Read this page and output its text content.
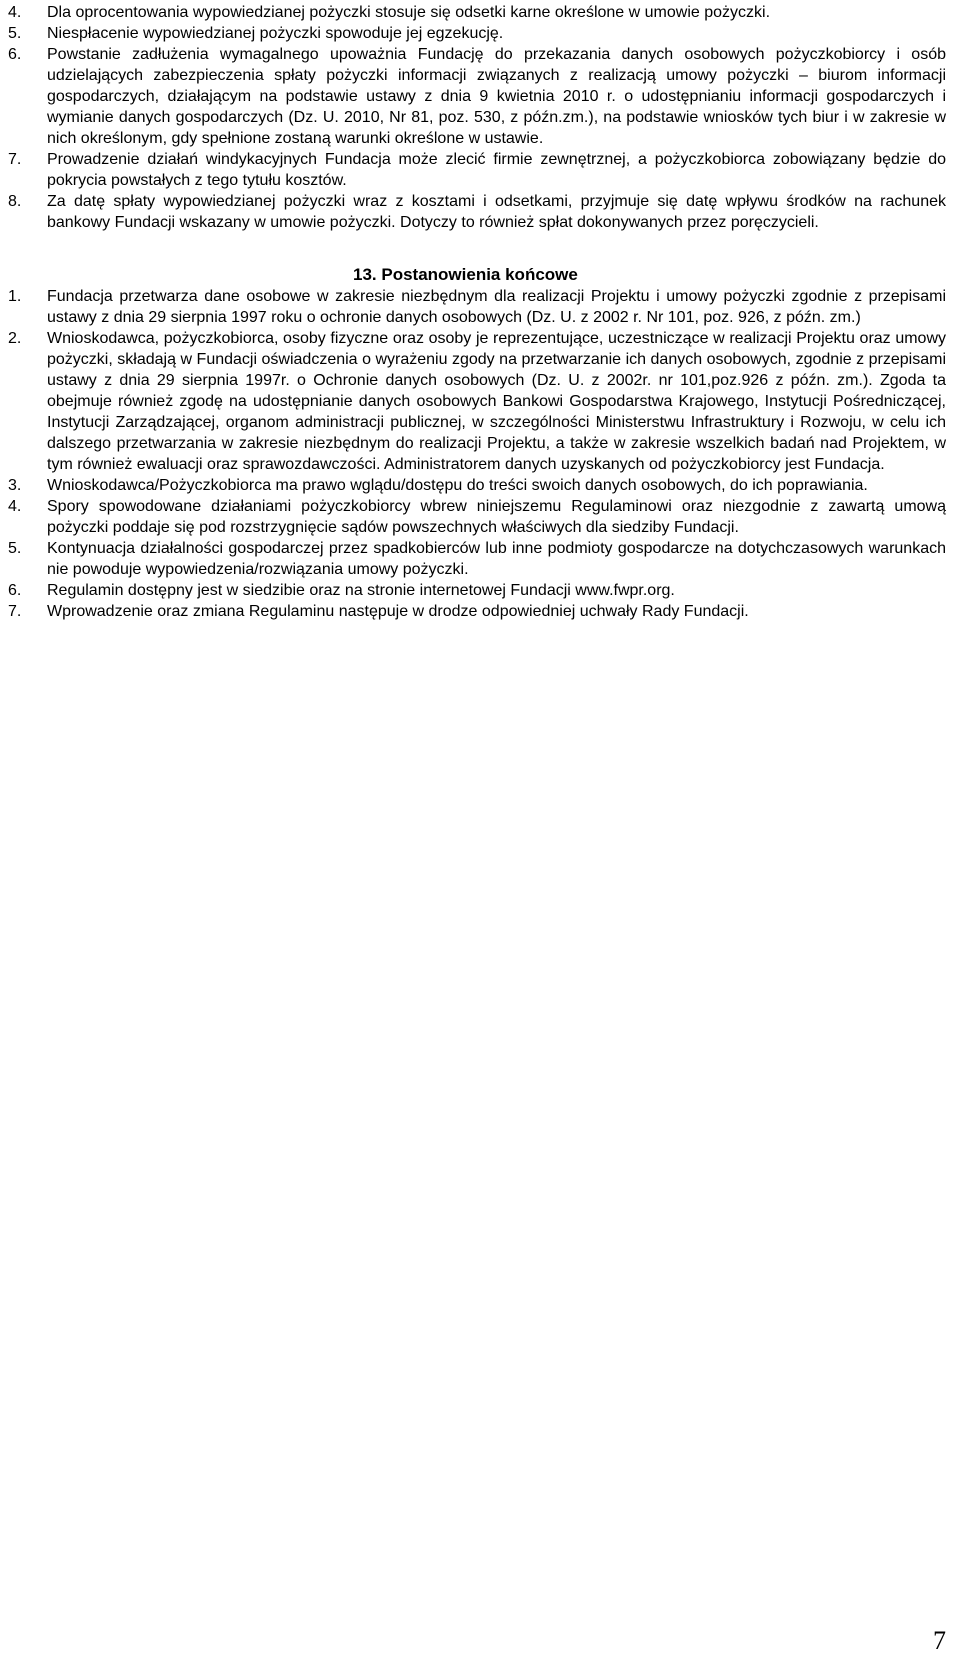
4.	Dla oprocentowania wypowiedzianej pożyczki stosuje się odsetki karne określone w umowie pożyczki.
5.	Niespłacenie wypowiedzianej pożyczki spowoduje jej egzekucję.
6.	Powstanie zadłużenia wymagalnego upoważnia Fundację do przekazania danych osobowych pożyczkobiorcy i osób udzielających zabezpieczenia spłaty pożyczki informacji związanych z realizacją umowy pożyczki – biurom informacji gospodarczych, działającym na podstawie ustawy z dnia 9 kwietnia 2010 r. o udostępnianiu informacji gospodarczych i wymianie danych gospodarczych (Dz. U. 2010, Nr 81, poz. 530, z późn.zm.), na podstawie wniosków tych biur i w zakresie w nich określonym, gdy spełnione zostaną warunki określone w ustawie.
7.	Prowadzenie działań windykacyjnych Fundacja może zlecić firmie zewnętrznej, a pożyczkobiorca zobowiązany będzie do pokrycia powstałych z tego tytułu kosztów.
8.	Za datę spłaty wypowiedzianej pożyczki wraz z kosztami i odsetkami, przyjmuje się datę wpływu środków na rachunek bankowy Fundacji wskazany w umowie pożyczki. Dotyczy to również spłat dokonywanych przez poręczycieli.
13. Postanowienia końcowe
1.	Fundacja przetwarza dane osobowe w zakresie niezbędnym dla realizacji Projektu i umowy pożyczki zgodnie z przepisami ustawy z dnia 29 sierpnia 1997 roku o ochronie danych osobowych (Dz. U. z 2002 r. Nr 101, poz. 926, z późn. zm.)
2.	Wnioskodawca, pożyczkobiorca, osoby fizyczne oraz osoby je reprezentujące, uczestniczące w realizacji Projektu oraz umowy pożyczki, składają w Fundacji oświadczenia o wyrażeniu zgody na przetwarzanie ich danych osobowych, zgodnie z przepisami ustawy z dnia 29 sierpnia 1997r. o Ochronie danych osobowych (Dz. U. z 2002r. nr 101,poz.926 z późn. zm.). Zgoda ta obejmuje również zgodę na udostępnianie danych osobowych Bankowi Gospodarstwa Krajowego, Instytucji Pośredniczącej, Instytucji Zarządzającej, organom administracji publicznej, w szczególności Ministerstwu Infrastruktury i Rozwoju, w celu ich dalszego przetwarzania w zakresie niezbędnym do realizacji Projektu, a także w zakresie wszelkich badań nad Projektem, w tym również ewaluacji oraz sprawozdawczości. Administratorem danych uzyskanych od pożyczkobiorcy jest Fundacja.
3.	Wnioskodawca/Pożyczkobiorca ma prawo wglądu/dostępu do treści swoich danych osobowych, do ich poprawiania.
4.	Spory spowodowane działaniami pożyczkobiorcy wbrew niniejszemu Regulaminowi oraz niezgodnie z zawartą umową pożyczki poddaje się pod rozstrzygnięcie sądów powszechnych właściwych dla siedziby Fundacji.
5.	Kontynuacja działalności gospodarczej przez spadkobierców lub inne podmioty gospodarcze na dotychczasowych warunkach nie powoduje wypowiedzenia/rozwiązania umowy pożyczki.
6.	Regulamin dostępny jest w siedzibie oraz na stronie internetowej Fundacji www.fwpr.org.
7.	Wprowadzenie oraz zmiana Regulaminu następuje w drodze odpowiedniej uchwały Rady Fundacji.
7
